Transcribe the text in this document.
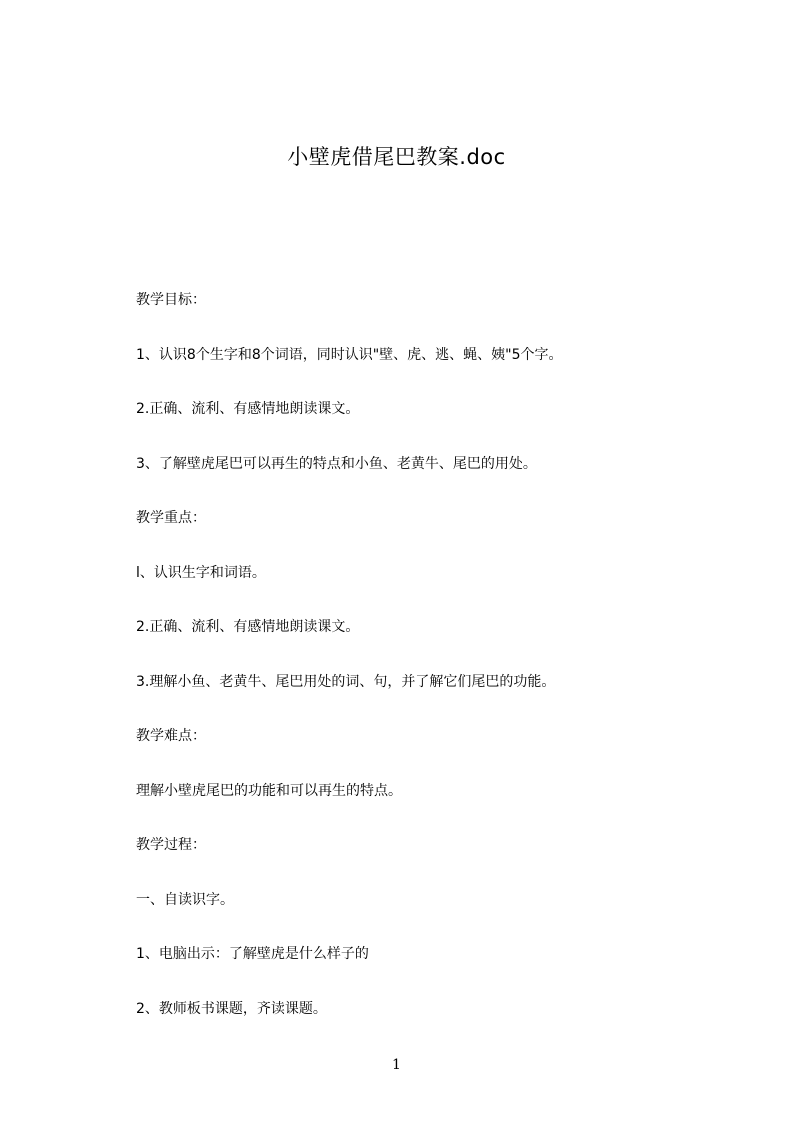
小壁虎借尾巴教案.doc

教学目标：

1、认识8个生字和8个词语，同时认识"壁、虎、逃、蝇、姨"5个字。

2.正确、流利、有感情地朗读课文。

3、了解壁虎尾巴可以再生的特点和小鱼、老黄牛、尾巴的用处。

教学重点：

l、认识生字和词语。

2.正确、流利、有感情地朗读课文。

3.理解小鱼、老黄牛、尾巴用处的词、句，并了解它们尾巴的功能。

教学难点：

理解小壁虎尾巴的功能和可以再生的特点。

教学过程：

一、自读识字。

1、电脑出示：了解壁虎是什么样子的

2、教师板书课题，齐读课题。

1
